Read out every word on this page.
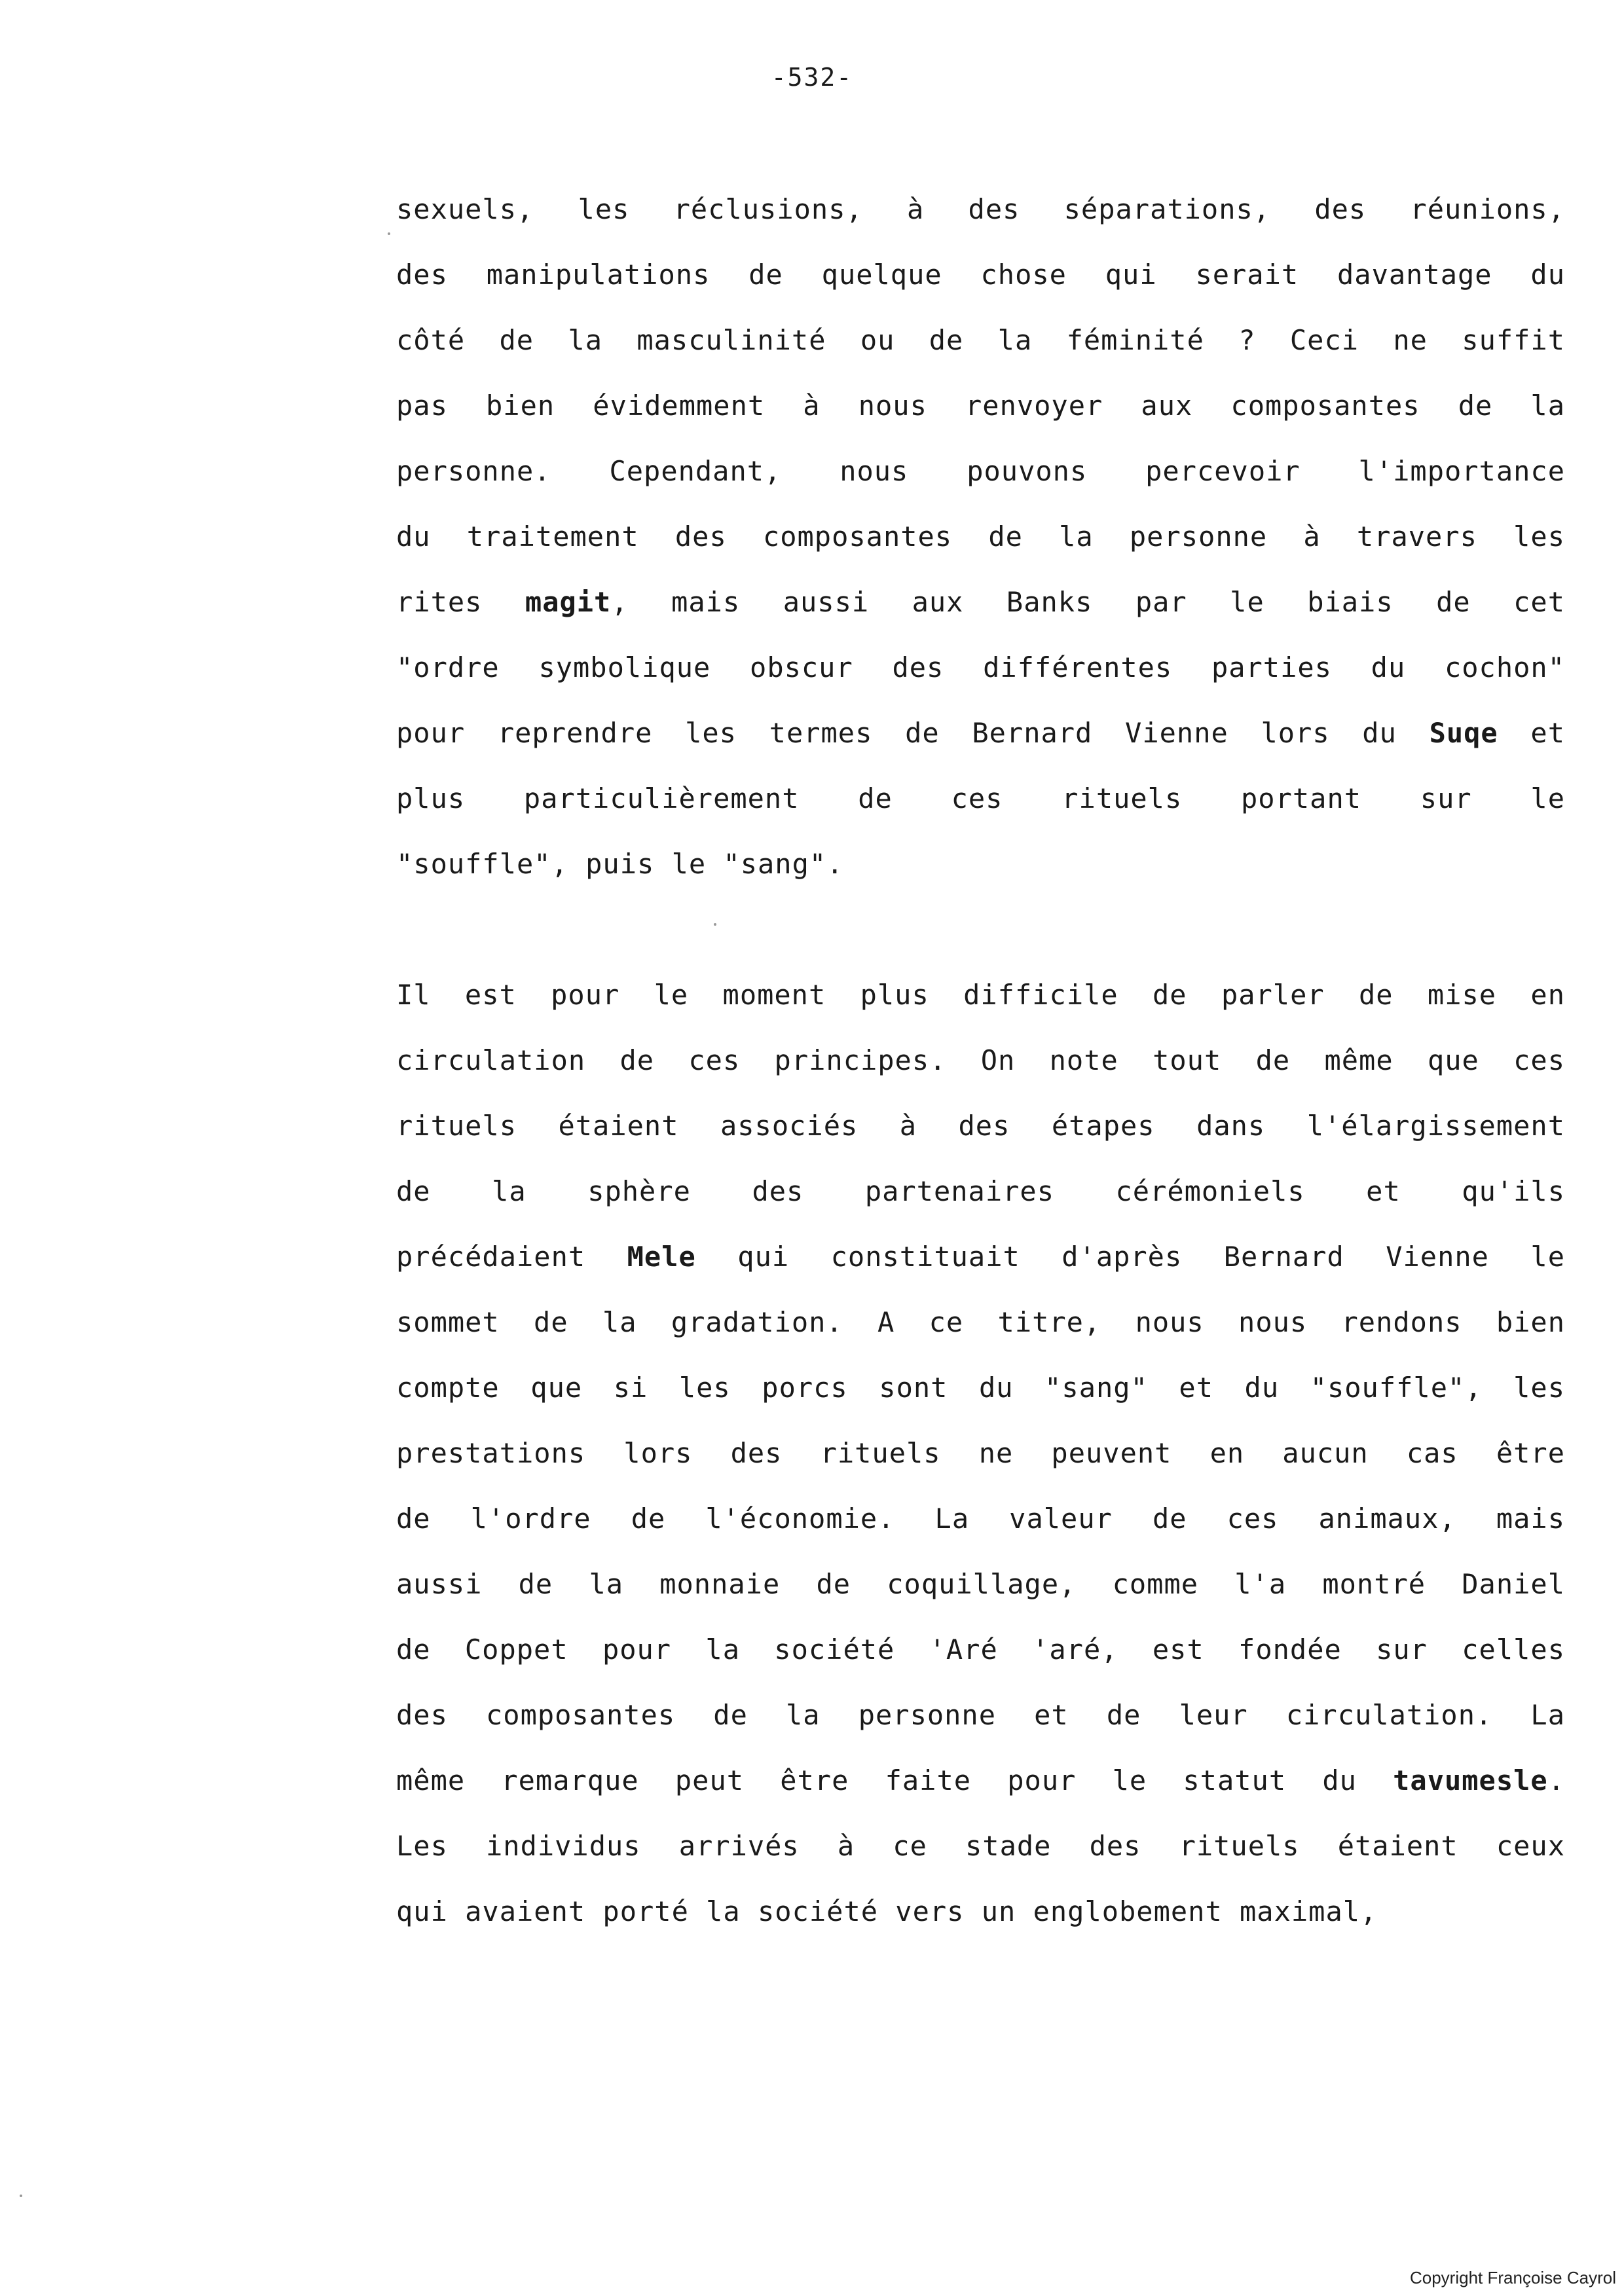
-532-
sexuels, les réclusions, à des séparations, des réunions,
des manipulations de quelque chose qui serait davantage du
côté de la masculinité ou de la féminité ? Ceci ne suffit
pas bien évidemment à nous renvoyer aux composantes de la
personne. Cependant, nous pouvons percevoir l'importance
du traitement des composantes de la personne à travers les
rites magit, mais aussi aux Banks par le biais de cet
"ordre symbolique obscur des différentes parties du cochon"
pour reprendre les termes de Bernard Vienne lors du Suqe et
plus particulièrement de ces rituels portant sur le
"souffle", puis le "sang".
Il est pour le moment plus difficile de parler de mise en
circulation de ces principes. On note tout de même que ces
rituels étaient associés à des étapes dans l'élargissement
de la sphère des partenaires cérémoniels et qu'ils
précédaient Mele qui constituait d'après Bernard Vienne le
sommet de la gradation. A ce titre, nous nous rendons bien
compte que si les porcs sont du "sang" et du "souffle", les
prestations lors des rituels ne peuvent en aucun cas être
de l'ordre de l'économie. La valeur de ces animaux, mais
aussi de la monnaie de coquillage, comme l'a montré Daniel
de Coppet pour la société 'Aré 'aré, est fondée sur celles
des composantes de la personne et de leur circulation. La
même remarque peut être faite pour le statut du tavumesle.
Les individus arrivés à ce stade des rituels étaient ceux
qui avaient porté la société vers un englobement maximal,
Copyright Françoise Cayrol
